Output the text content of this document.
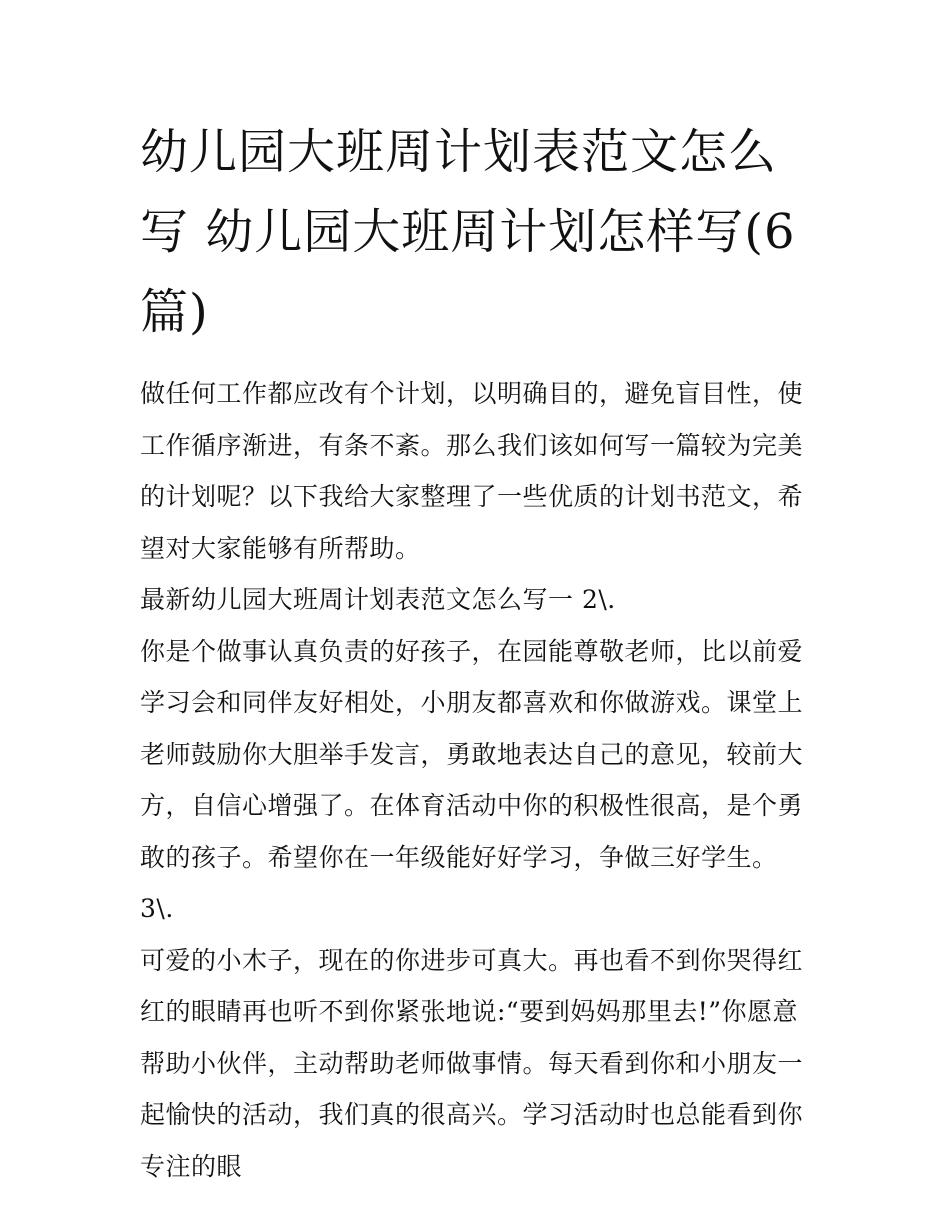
幼儿园大班周计划表范文怎么写 幼儿园大班周计划怎样写(6篇)
做任何工作都应改有个计划，以明确目的，避免盲目性，使工作循序渐进，有条不紊。那么我们该如何写一篇较为完美的计划呢？以下我给大家整理了一些优质的计划书范文，希望对大家能够有所帮助。
最新幼儿园大班周计划表范文怎么写一 2\.
你是个做事认真负责的好孩子，在园能尊敬老师，比以前爱学习会和同伴友好相处，小朋友都喜欢和你做游戏。课堂上老师鼓励你大胆举手发言，勇敢地表达自己的意见，较前大方，自信心增强了。在体育活动中你的积极性很高，是个勇敢的孩子。希望你在一年级能好好学习，争做三好学生。
3\.
可爱的小木子，现在的你进步可真大。再也看不到你哭得红红的眼睛再也听不到你紧张地说:“要到妈妈那里去!”你愿意帮助小伙伴，主动帮助老师做事情。每天看到你和小朋友一起愉快的活动，我们真的很高兴。学习活动时也总能看到你专注的眼
